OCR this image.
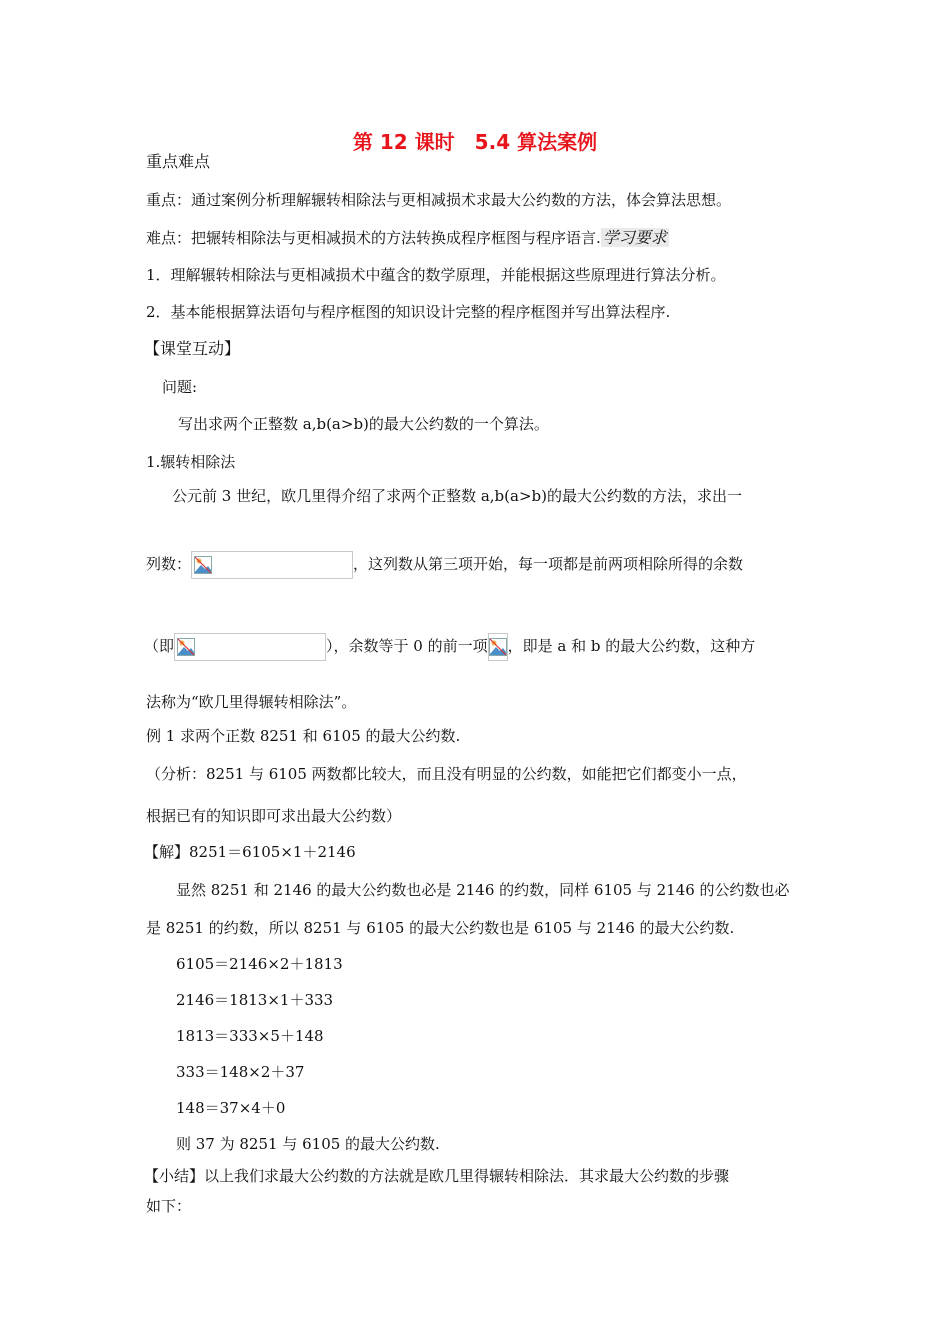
第 12 课时　5.4 算法案例
重点难点
重点：通过案例分析理解辗转相除法与更相减损术求最大公约数的方法，体会算法思想。
难点：把辗转相除法与更相减损术的方法转换成程序框图与程序语言. 学习要求
1．理解辗转相除法与更相减损术中蕴含的数学原理，并能根据这些原理进行算法分析。
2．基本能根据算法语句与程序框图的知识设计完整的程序框图并写出算法程序.
【课堂互动】
问题:
写出求两个正整数 a,b(a>b)的最大公约数的一个算法。
1.辗转相除法
公元前 3 世纪，欧几里得介绍了求两个正整数 a,b(a>b)的最大公约数的方法，求出一
列数：	，这列数从第三项开始，每一项都是前两项相除所得的余数
（即	），余数等于 0 的前一项 ，即是 a 和 b 的最大公约数，这种方
法称为“欧几里得辗转相除法”。
例 1 求两个正数 8251 和 6105 的最大公约数.
（分析：8251 与 6105 两数都比较大，而且没有明显的公约数，如能把它们都变小一点，
根据已有的知识即可求出最大公约数）
【解】8251＝6105×1＋2146
显然 8251 和 2146 的最大公约数也必是 2146 的约数，同样 6105 与 2146 的公约数也必
是 8251 的约数，所以 8251 与 6105 的最大公约数也是 6105 与 2146 的最大公约数.
6105＝2146×2＋1813
2146＝1813×1＋333
1813＝333×5＋148
333＝148×2＋37
148＝37×4＋0
则 37 为 8251 与 6105 的最大公约数.
【小结】以上我们求最大公约数的方法就是欧几里得辗转相除法．其求最大公约数的步骤
如下：
